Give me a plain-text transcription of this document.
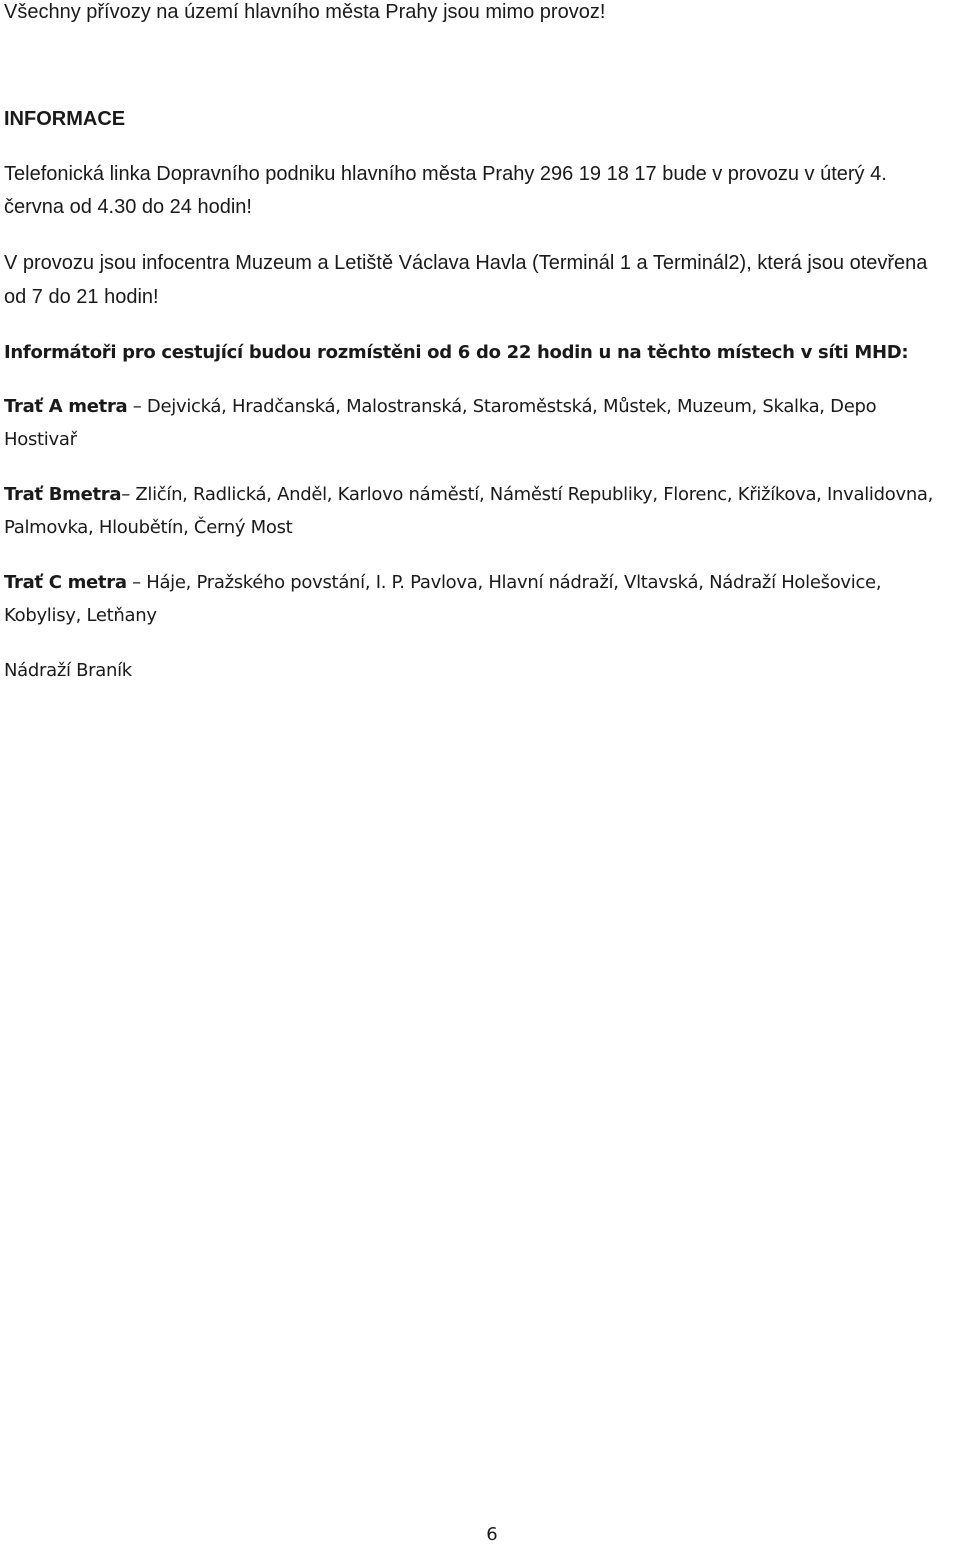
Všechny přívozy na území hlavního města Prahy jsou mimo provoz!

INFORMACE

Telefonická linka Dopravního podniku hlavního města Prahy 296 19 18 17 bude v provozu v úterý 4. června od 4.30 do 24 hodin!

V provozu jsou infocentra Muzeum a Letiště Václava Havla (Terminál 1 a Terminál2), která jsou otevřena od 7 do 21 hodin!

Informátoři pro cestující budou rozmístěni od 6 do 22 hodin u na těchto místech v síti MHD:

Trať A metra – Dejvická, Hradčanská, Malostranská, Staroměstská, Můstek, Muzeum, Skalka, Depo Hostivař

Trať Bmetra– Zličín, Radlická, Anděl, Karlovo náměstí, Náměstí Republiky, Florenc, Křižíkova, Invalidovna, Palmovka, Hloubětín, Černý Most

Trať C metra – Háje, Pražského povstání, I. P. Pavlova, Hlavní nádraží, Vltavská, Nádraží Holešovice, Kobylisy, Letňany

Nádraží Braník

6
